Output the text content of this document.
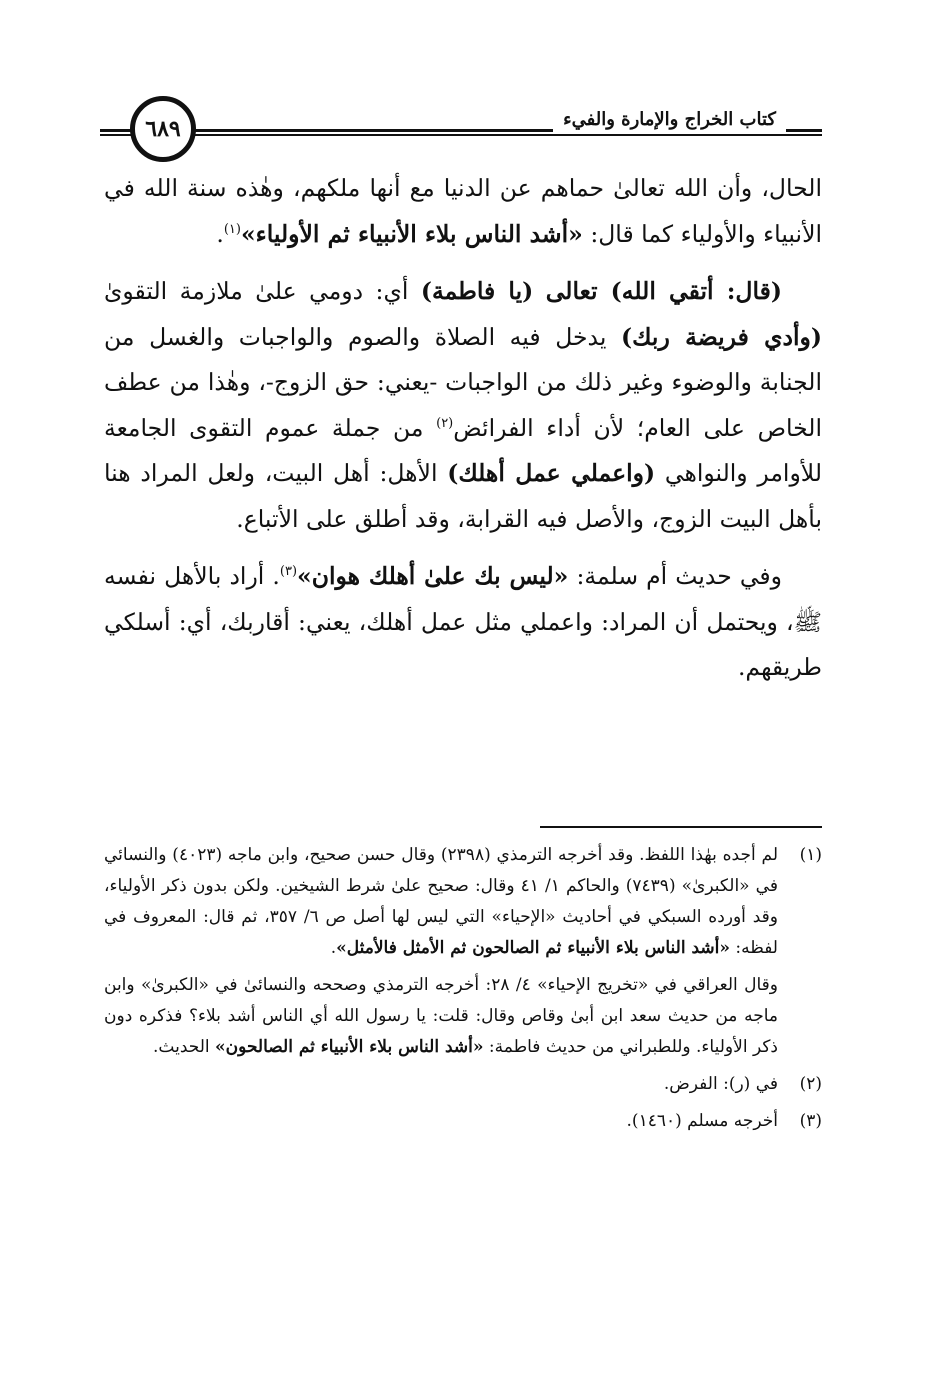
كتاب الخراج والإمارة والفيء
٦٨٩

الحال، وأن الله تعالىٰ حماهم عن الدنيا مع أنها ملكهم، وهٰذه سنة الله في الأنبياء والأولياء كما قال: «أشد الناس بلاء الأنبياء ثم الأولياء»$^{(١)}$.

(قال: أتقي الله) تعالى (يا فاطمة) أي: دومي علىٰ ملازمة التقوىٰ (وأدي فريضة ربك) يدخل فيه الصلاة والصوم والواجبات والغسل من الجنابة والوضوء وغير ذلك من الواجبات -يعني: حق الزوج-، وهٰذا من عطف الخاص على العام؛ لأن أداء الفرائض$^{(٢)}$ من جملة عموم التقوى الجامعة للأوامر والنواهي (واعملي عمل أهلك) الأهل: أهل البيت، ولعل المراد هنا بأهل البيت الزوج، والأصل فيه القرابة، وقد أطلق على الأتباع.

وفي حديث أم سلمة: «ليس بك علىٰ أهلك هوان»$^{(٣)}$. أراد بالأهل نفسه ﷺ، ويحتمل أن المراد: واعملي مثل عمل أهلك، يعني: أقاربك، أي: أسلكي طريقهم.

(١)

لم أجده بهٰذا اللفظ. وقد أخرجه الترمذي (٢٣٩٨) وقال حسن صحيح، وابن ماجه (٤٠٢٣) والنسائي في «الكبرىٰ» (٧٤٣٩) والحاكم ١/ ٤١ وقال: صحيح علىٰ شرط الشيخين. ولكن بدون ذكر الأولياء، وقد أورده السبكي في أحاديث «الإحياء» التي ليس لها أصل ص ٦/ ٣٥٧، ثم قال: المعروف في لفظه: «أشد الناس بلاء الأنبياء ثم الصالحون ثم الأمثل فالأمثل».

وقال العراقي في «تخريج الإحياء» ٤/ ٢٨: أخرجه الترمذي وصححه والنسائىٰ في «الكبرىٰ» وابن ماجه من حديث سعد ابن أبىٰ وقاص وقال: قلت: يا رسول الله أي الناس أشد بلاء؟ فذكره دون ذكر الأولياء. وللطبراني من حديث فاطمة: «أشد الناس بلاء الأنبياء ثم الصالحون» الحديث.

(٢)

في (ر): الفرض.

(٣)

أخرجه مسلم (١٤٦٠).
